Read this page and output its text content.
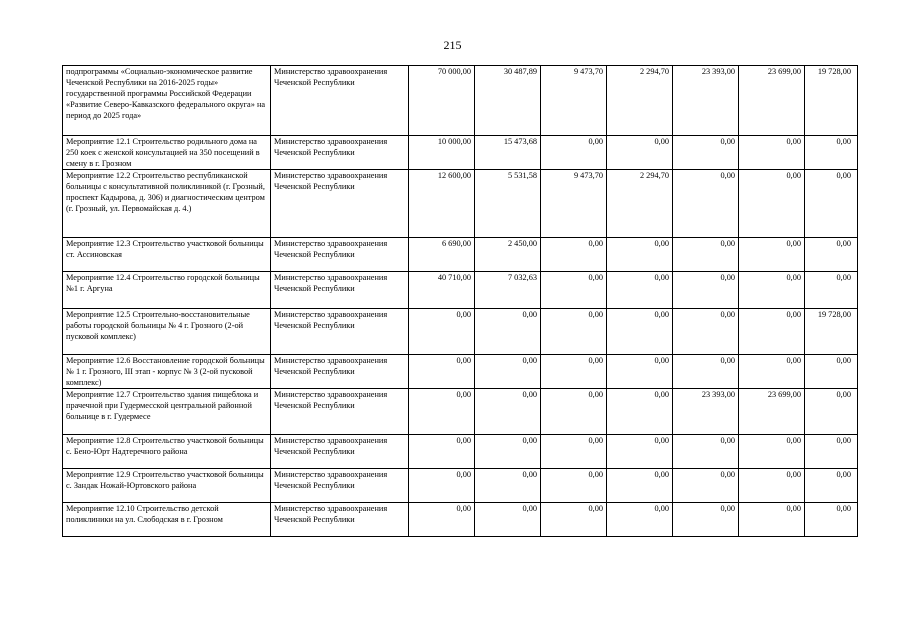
215
подпрограммы «Социально-экономическое развитие Чеченской Республики на 2016-2025 годы» государственной программы Российской Федерации «Развитие Северо-Кавказского федерального округа» на период до 2025 года»	Министерство здравоохранения Чеченской Республики	70 000,00	30 487,89	9 473,70	2 294,70	23 393,00	23 699,00	19 728,00
Мероприятие 12.1 Строительство родильного дома на 250 коек с женской консультацией на 350 посещений в смену в г. Грозном	Министерство здравоохранения Чеченской Республики	10 000,00	15 473,68	0,00	0,00	0,00	0,00	0,00
Мероприятие 12.2 Строительство республиканской больницы с консультативной поликлиникой (г. Грозный, проспект Кадырова, д. 306) и диагностическим центром (г. Грозный, ул. Первомайская д. 4.)	Министерство здравоохранения Чеченской Республики	12 600,00	5 531,58	9 473,70	2 294,70	0,00	0,00	0,00
Мероприятие 12.3 Строительство участковой больницы ст. Ассиновская	Министерство здравоохранения Чеченской Республики	6 690,00	2 450,00	0,00	0,00	0,00	0,00	0,00
Мероприятие 12.4 Строительство городской больницы №1 г. Аргуна	Министерство здравоохранения Чеченской Республики	40 710,00	7 032,63	0,00	0,00	0,00	0,00	0,00
Мероприятие 12.5 Строительно-восстановительные работы городской больницы № 4 г. Грозного (2-ой пусковой комплекс)	Министерство здравоохранения Чеченской Республики	0,00	0,00	0,00	0,00	0,00	0,00	19 728,00
Мероприятие 12.6 Восстановление городской больницы № 1 г. Грозного, III этап - корпус № 3 (2-ой пусковой комплекс)	Министерство здравоохранения Чеченской Республики	0,00	0,00	0,00	0,00	0,00	0,00	0,00
Мероприятие 12.7 Строительство здания пищеблока и прачечной при Гудермесской центральной районной больнице в г. Гудермесе	Министерство здравоохранения Чеченской Республики	0,00	0,00	0,00	0,00	23 393,00	23 699,00	0,00
Мероприятие 12.8 Строительство участковой больницы с. Бено-Юрт Надтеречного района	Министерство здравоохранения Чеченской Республики	0,00	0,00	0,00	0,00	0,00	0,00	0,00
Мероприятие 12.9 Строительство участковой больницы с. Зандак Ножай-Юртовского района	Министерство здравоохранения Чеченской Республики	0,00	0,00	0,00	0,00	0,00	0,00	0,00
Мероприятие 12.10 Строительство детской поликлиники на ул. Слободская в г. Грозном	Министерство здравоохранения Чеченской Республики	0,00	0,00	0,00	0,00	0,00	0,00	0,00
